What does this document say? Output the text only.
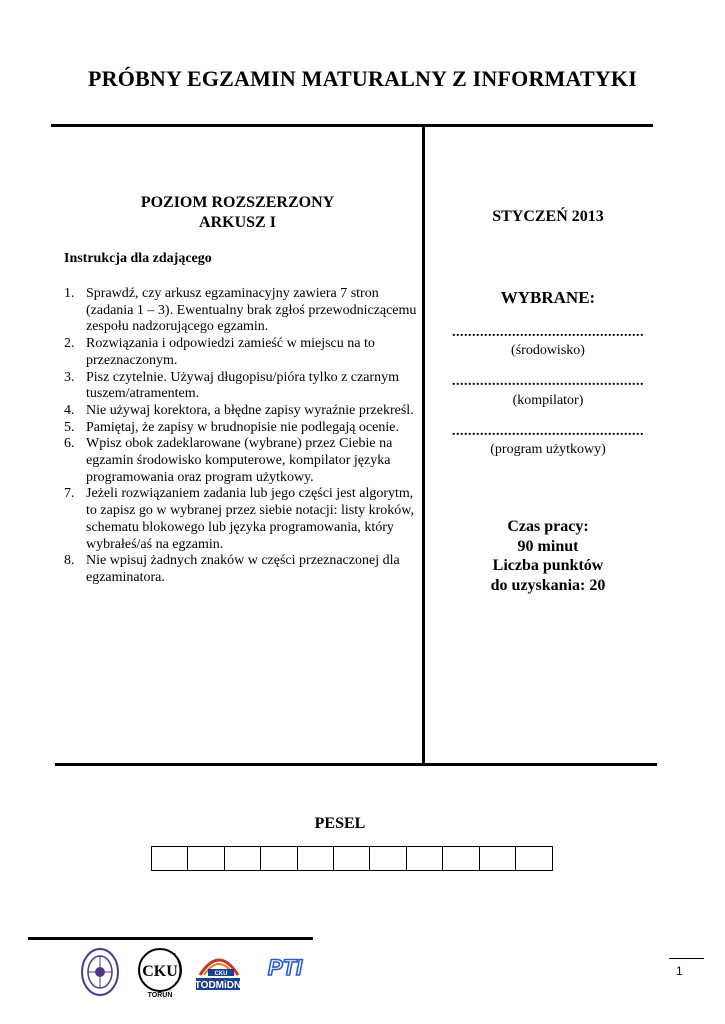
PRÓBNY EGZAMIN MATURALNY Z INFORMATYKI
POZIOM ROZSZERZONY
ARKUSZ I
Instrukcja dla zdającego
1. Sprawdź, czy arkusz egzaminacyjny zawiera 7 stron (zadania 1 – 3). Ewentualny brak zgłoś przewodniczącemu zespołu nadzorującego egzamin.
2. Rozwiązania i odpowiedzi zamieść w miejscu na to przeznaczonym.
3. Pisz czytelnie. Używaj długopisu/pióra tylko z czarnym tuszem/atramentem.
4. Nie używaj korektora, a błędne zapisy wyraźnie przekreśl.
5. Pamiętaj, że zapisy w brudnopisie nie podlegają ocenie.
6. Wpisz obok zadeklarowane (wybrane) przez Ciebie na egzamin środowisko komputerowe, kompilator języka programowania oraz program użytkowy.
7. Jeżeli rozwiązaniem zadania lub jego części jest algorytm, to zapisz go w wybranej przez siebie notacji: listy kroków, schematu blokowego lub języka programowania, który wybrałeś/aś na egzamin.
8. Nie wpisuj żadnych znaków w części przeznaczonej dla egzaminatora.
STYCZEŃ 2013
WYBRANE:
................................................
(środowisko)
................................................
(kompilator)
................................................
(program użytkowy)
Czas pracy:
90 minut
Liczba punktów
do uzyskania: 20
PESEL
1
CKU
TORUŃ
CKU
TODMiDN
PTI
